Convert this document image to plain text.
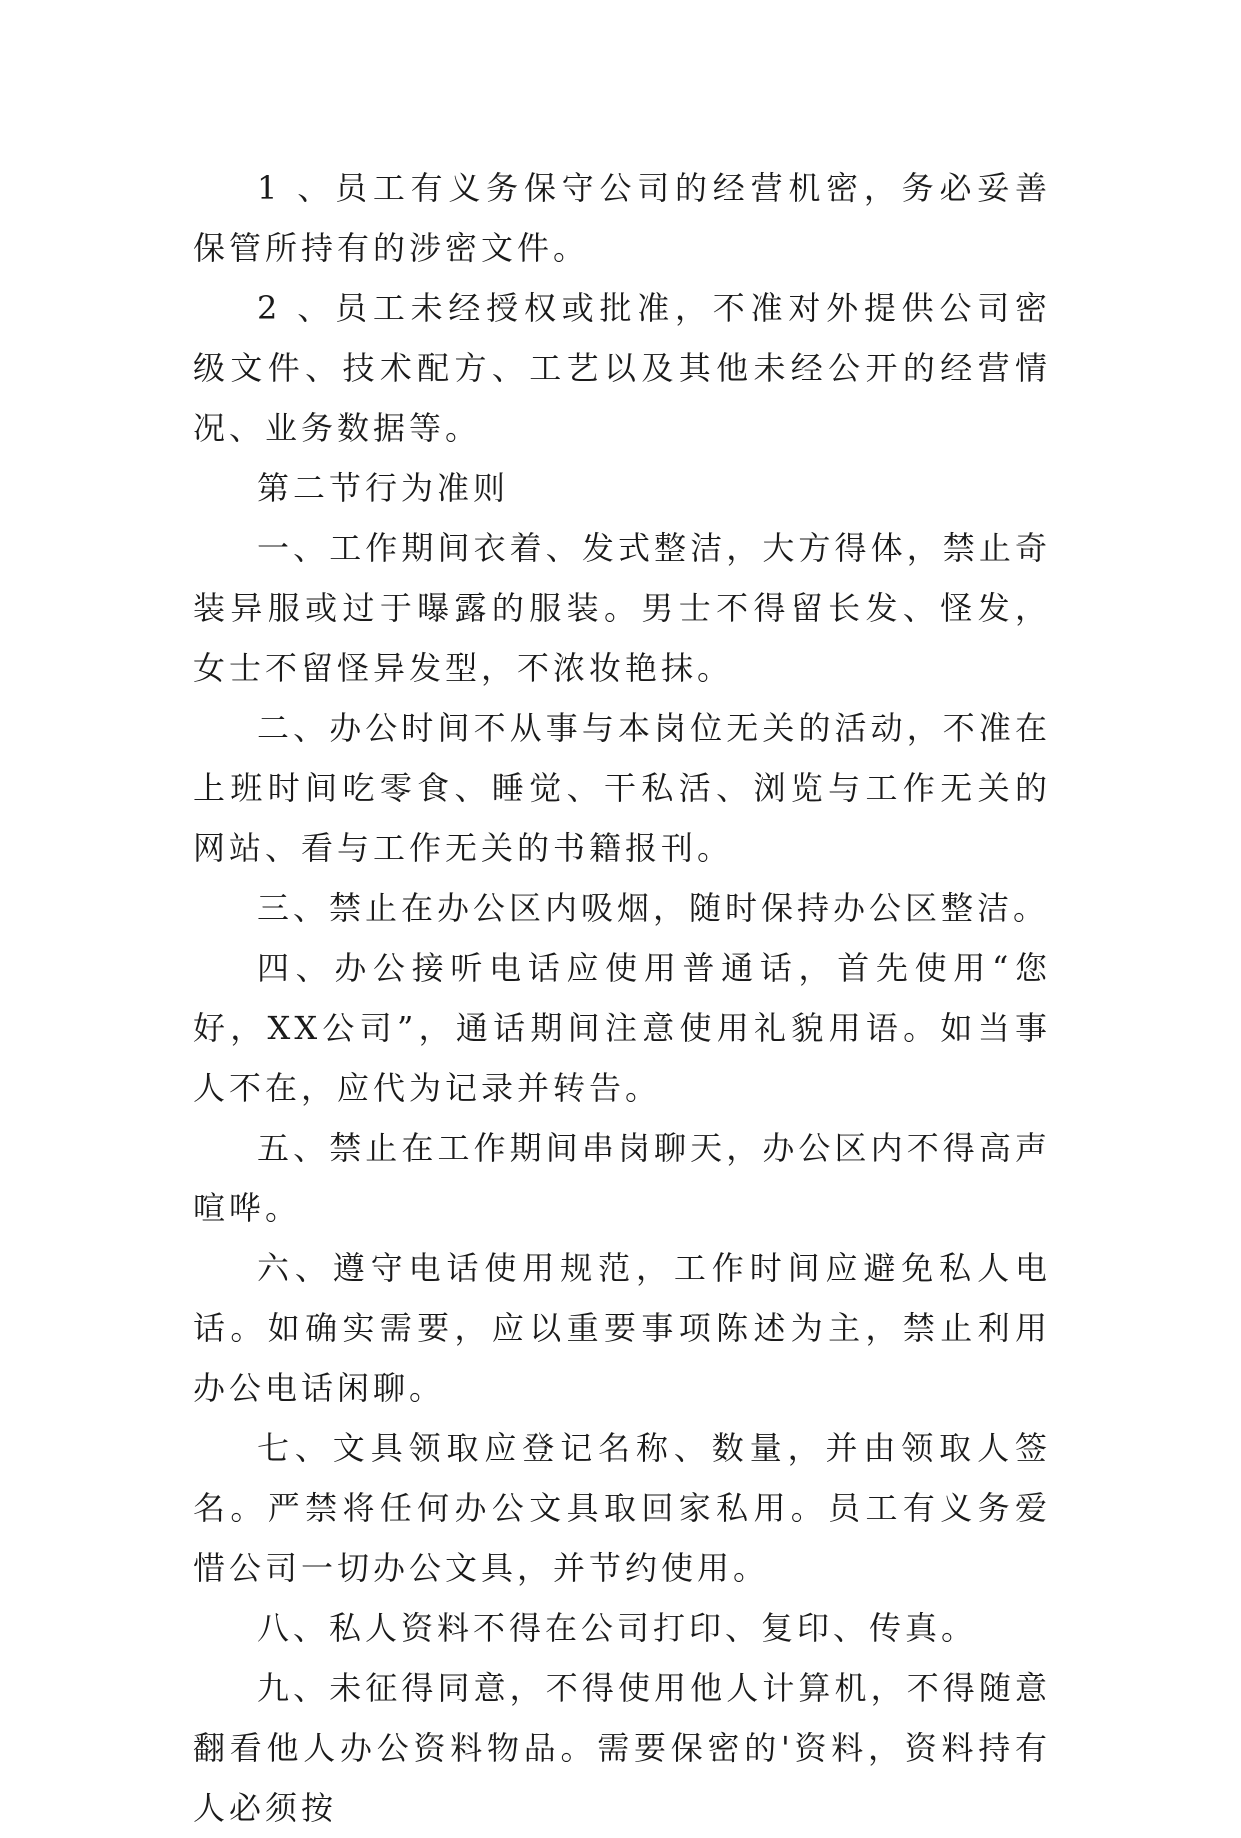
1 、员工有义务保守公司的经营机密，务必妥善保管所持有的涉密文件。

2 、员工未经授权或批准，不准对外提供公司密级文件、技术配方、工艺以及其他未经公开的经营情况、业务数据等。

第二节行为准则

一、工作期间衣着、发式整洁，大方得体，禁止奇装异服或过于曝露的服装。男士不得留长发、怪发，女士不留怪异发型，不浓妆艳抹。

二、办公时间不从事与本岗位无关的活动，不准在上班时间吃零食、睡觉、干私活、浏览与工作无关的网站、看与工作无关的书籍报刊。

三、禁止在办公区内吸烟，随时保持办公区整洁。

四、办公接听电话应使用普通话，首先使用“您好，XX公司”，通话期间注意使用礼貌用语。如当事人不在，应代为记录并转告。

五、禁止在工作期间串岗聊天，办公区内不得高声喧哗。

六、遵守电话使用规范，工作时间应避免私人电话。如确实需要，应以重要事项陈述为主，禁止利用办公电话闲聊。

七、文具领取应登记名称、数量，并由领取人签名。严禁将任何办公文具取回家私用。员工有义务爱惜公司一切办公文具，并节约使用。

八、私人资料不得在公司打印、复印、传真。

九、未征得同意，不得使用他人计算机，不得随意翻看他人办公资料物品。需要保密的'资料，资料持有人必须按
